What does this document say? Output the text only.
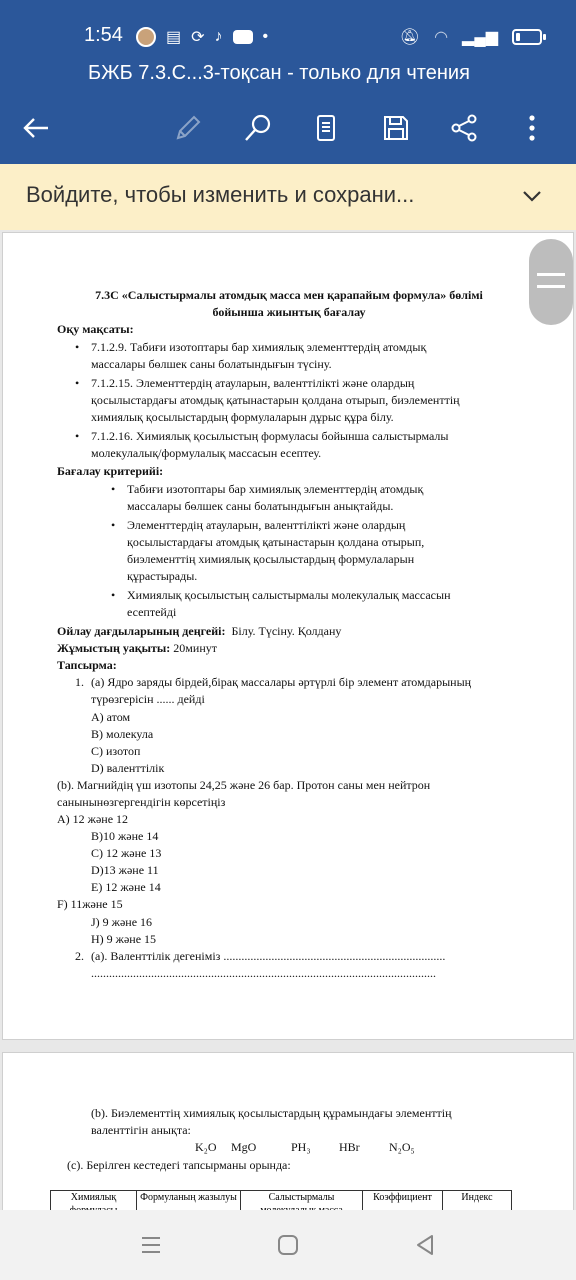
1:54	▤ ⟳ ♪	•	🔕︎ ◠ ▂▄▆
БЖБ 7.3.С...3-тоқсан - только для чтения
Войдите, чтобы изменить и сохрани...
7.3С «Салыстырмалы атомдық масса мен қарапайым формула» бөлімі
бойынша жиынтық бағалау
Оқу мақсаты:
• 7.1.2.9. Табиғи изотоптары бар химиялық элементтердің атомдық
массалары бөлшек саны болатындығын түсіну.
• 7.1.2.15. Элементтердің атауларын, валенттілікті және олардың
қосылыстардағы атомдық қатынастарын қолдана отырып, биэлементтің
химиялық қосылыстардың формулаларын дұрыс құра білу.
• 7.1.2.16. Химиялық қосылыстың формуласы бойынша салыстырмалы
молекулалық/формулалық массасын есептеу.
Бағалау критерийі:
• Табиғи изотоптары бар химиялық элементтердің атомдық
массалары бөлшек саны болатындығын анықтайды.
• Элементтердің атауларын, валенттілікті және олардың
қосылыстардағы атомдық қатынастарын қолдана отырып,
биэлементтің химиялық қосылыстардың формулаларын
құрастырады.
• Химиялық қосылыстың салыстырмалы молекулалық массасын
есептейді
Ойлау дағдыларының деңгейі: Білу. Түсіну. Қолдану
Жұмыстың уақыты: 20минут
Тапсырма:
1. (а) Ядро заряды бірдей,бірақ массалары әртүрлі бір элемент атомдарының
түрөзгерісін ...... дейді
А) атом
В) молекула
С) изотоп
D) валенттілік
(b). Магнийдің үш изотопы 24,25 және 26 бар. Протон саны мен нейтрон
санынынөзгергендігін көрсетіңіз
А) 12 және 12
В)10 және 14
С) 12 және 13
D)13 және 11
Е) 12 және 14
F) 11және 15
J) 9 және 16
H) 9 және 15
2. (а). Валенттілік дегеніміз ..........................................................................
...................................................................................................................
(b). Биэлементтің химиялық қосылыстардың құрамындағы элементтің
валенттігін анықта:
K₂O MgO	PH₃ HBr N₂O₅
(с). Берілген кестедегі тапсырманы орында:
Химиялық	Формуланың жазылуы	Салыстырмалы	Коэффициент	Индекс
